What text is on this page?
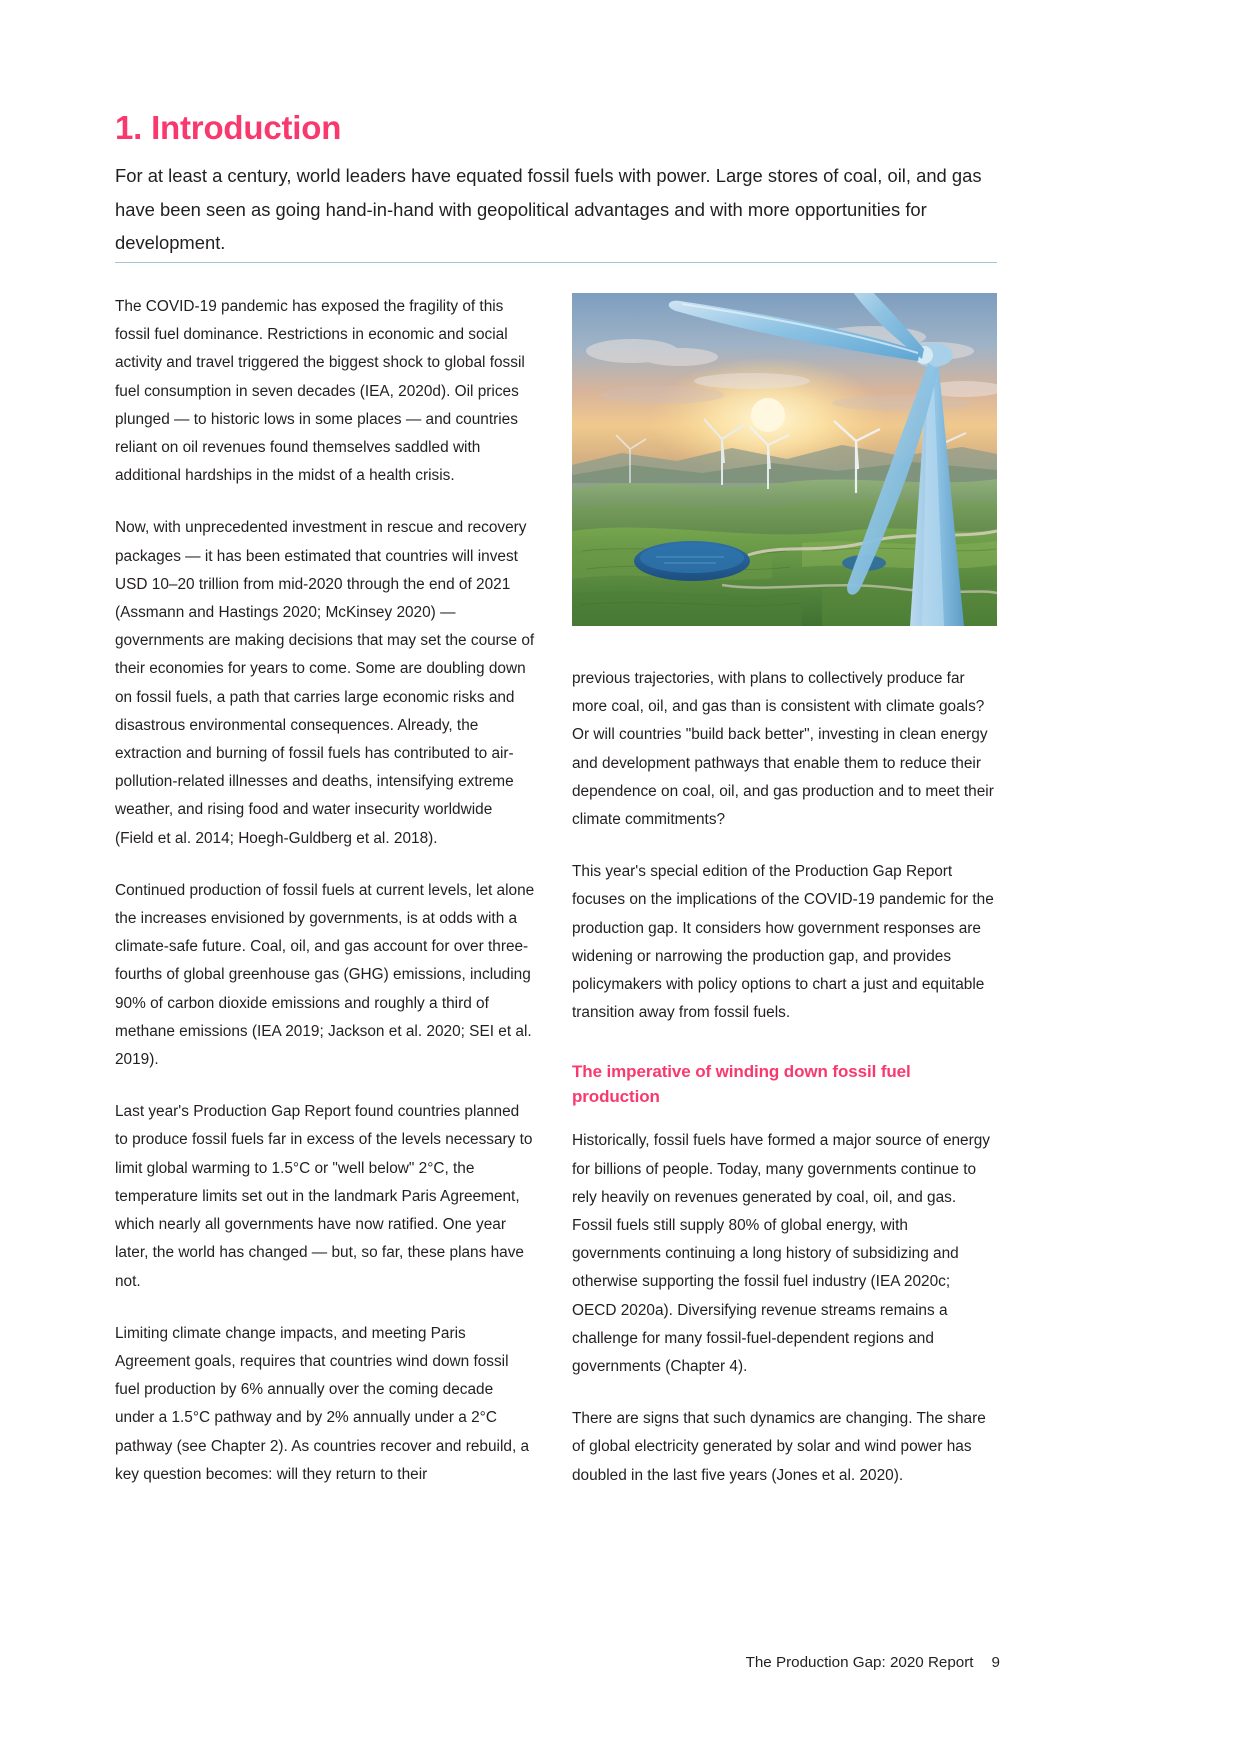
1. Introduction

For at least a century, world leaders have equated fossil fuels with power. Large stores of coal, oil, and gas have been seen as going hand-in-hand with geopolitical advantages and with more opportunities for development.

The COVID-19 pandemic has exposed the fragility of this fossil fuel dominance. Restrictions in economic and social activity and travel triggered the biggest shock to global fossil fuel consumption in seven decades (IEA, 2020d). Oil prices plunged — to historic lows in some places — and countries reliant on oil revenues found themselves saddled with additional hardships in the midst of a health crisis.

Now, with unprecedented investment in rescue and recovery packages — it has been estimated that countries will invest USD 10–20 trillion from mid-2020 through the end of 2021 (Assmann and Hastings 2020; McKinsey 2020) — governments are making decisions that may set the course of their economies for years to come. Some are doubling down on fossil fuels, a path that carries large economic risks and disastrous environmental consequences. Already, the extraction and burning of fossil fuels has contributed to air-pollution-related illnesses and deaths, intensifying extreme weather, and rising food and water insecurity worldwide (Field et al. 2014; Hoegh-Guldberg et al. 2018).

Continued production of fossil fuels at current levels, let alone the increases envisioned by governments, is at odds with a climate-safe future. Coal, oil, and gas account for over three-fourths of global greenhouse gas (GHG) emissions, including 90% of carbon dioxide emissions and roughly a third of methane emissions (IEA 2019; Jackson et al. 2020; SEI et al. 2019).

Last year's Production Gap Report found countries planned to produce fossil fuels far in excess of the levels necessary to limit global warming to 1.5°C or "well below" 2°C, the temperature limits set out in the landmark Paris Agreement, which nearly all governments have now ratified. One year later, the world has changed — but, so far, these plans have not.

Limiting climate change impacts, and meeting Paris Agreement goals, requires that countries wind down fossil fuel production by 6% annually over the coming decade under a 1.5°C pathway and by 2% annually under a 2°C pathway (see Chapter 2). As countries recover and rebuild, a key question becomes: will they return to their

previous trajectories, with plans to collectively produce far more coal, oil, and gas than is consistent with climate goals? Or will countries "build back better", investing in clean energy and development pathways that enable them to reduce their dependence on coal, oil, and gas production and to meet their climate commitments?

This year's special edition of the Production Gap Report focuses on the implications of the COVID-19 pandemic for the production gap. It considers how government responses are widening or narrowing the production gap, and provides policymakers with policy options to chart a just and equitable transition away from fossil fuels.

The imperative of winding down fossil fuel production

Historically, fossil fuels have formed a major source of energy for billions of people. Today, many governments continue to rely heavily on revenues generated by coal, oil, and gas. Fossil fuels still supply 80% of global energy, with governments continuing a long history of subsidizing and otherwise supporting the fossil fuel industry (IEA 2020c; OECD 2020a). Diversifying revenue streams remains a challenge for many fossil-fuel-dependent regions and governments (Chapter 4).

There are signs that such dynamics are changing. The share of global electricity generated by solar and wind power has doubled in the last five years (Jones et al. 2020).

The Production Gap: 2020 Report 9
